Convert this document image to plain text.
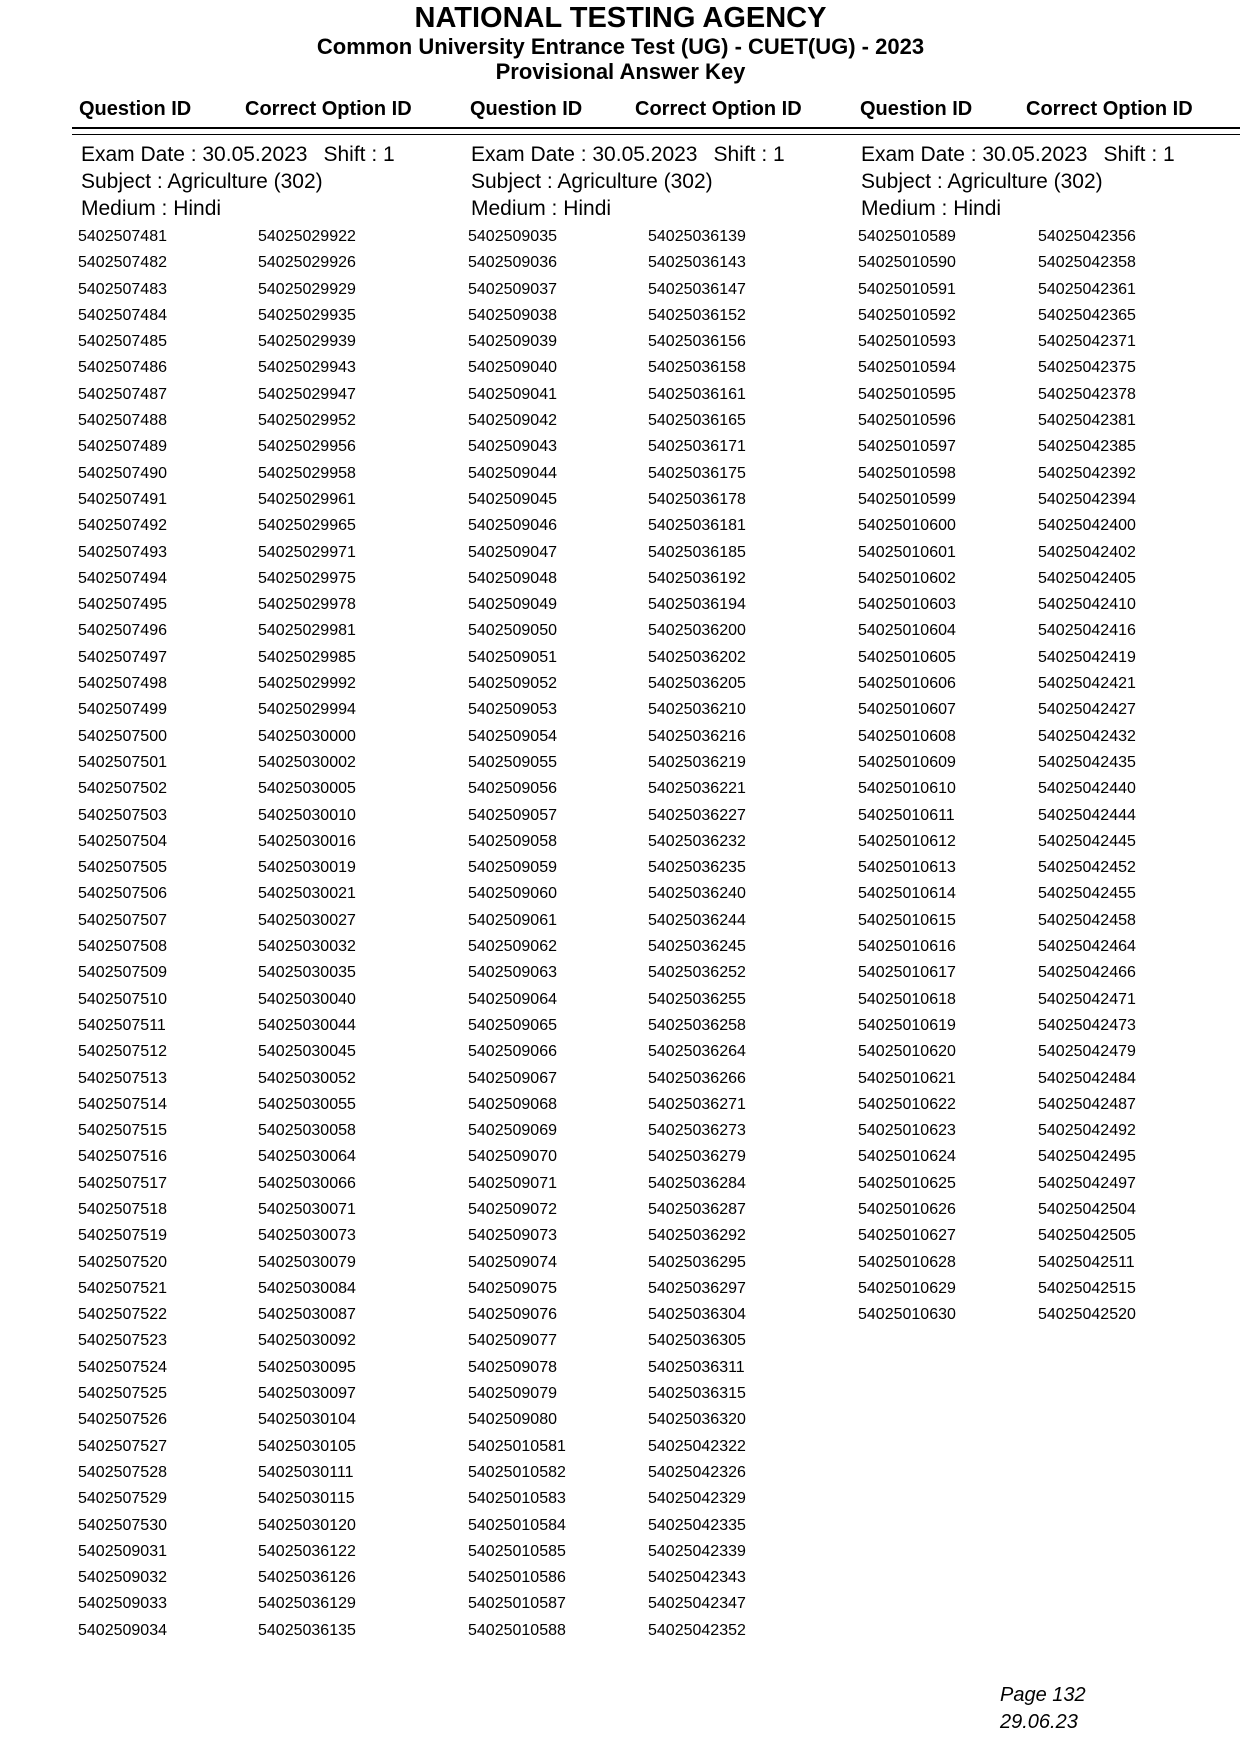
NATIONAL TESTING AGENCY
Common University Entrance Test (UG) - CUET(UG) - 2023
Provisional Answer Key
Question ID	Correct Option ID	Question ID	Correct Option ID	Question ID	Correct Option ID
Exam Date : 30.05.2023 Shift : 1
Subject : Agriculture (302)
Medium : Hindi
5402507481	54025029922
5402507482	54025029926
5402507483	54025029929
5402507484	54025029935
5402507485	54025029939
5402507486	54025029943
5402507487	54025029947
5402507488	54025029952
5402507489	54025029956
5402507490	54025029958
5402507491	54025029961
5402507492	54025029965
5402507493	54025029971
5402507494	54025029975
5402507495	54025029978
5402507496	54025029981
5402507497	54025029985
5402507498	54025029992
5402507499	54025029994
5402507500	54025030000
5402507501	54025030002
5402507502	54025030005
5402507503	54025030010
5402507504	54025030016
5402507505	54025030019
5402507506	54025030021
5402507507	54025030027
5402507508	54025030032
5402507509	54025030035
5402507510	54025030040
5402507511	54025030044
5402507512	54025030045
5402507513	54025030052
5402507514	54025030055
5402507515	54025030058
5402507516	54025030064
5402507517	54025030066
5402507518	54025030071
5402507519	54025030073
5402507520	54025030079
5402507521	54025030084
5402507522	54025030087
5402507523	54025030092
5402507524	54025030095
5402507525	54025030097
5402507526	54025030104
5402507527	54025030105
5402507528	54025030111
5402507529	54025030115
5402507530	54025030120
5402509031	54025036122
5402509032	54025036126
5402509033	54025036129
5402509034	54025036135
Exam Date : 30.05.2023 Shift : 1
Subject : Agriculture (302)
Medium : Hindi
5402509035	54025036139
5402509036	54025036143
5402509037	54025036147
5402509038	54025036152
5402509039	54025036156
5402509040	54025036158
5402509041	54025036161
5402509042	54025036165
5402509043	54025036171
5402509044	54025036175
5402509045	54025036178
5402509046	54025036181
5402509047	54025036185
5402509048	54025036192
5402509049	54025036194
5402509050	54025036200
5402509051	54025036202
5402509052	54025036205
5402509053	54025036210
5402509054	54025036216
5402509055	54025036219
5402509056	54025036221
5402509057	54025036227
5402509058	54025036232
5402509059	54025036235
5402509060	54025036240
5402509061	54025036244
5402509062	54025036245
5402509063	54025036252
5402509064	54025036255
5402509065	54025036258
5402509066	54025036264
5402509067	54025036266
5402509068	54025036271
5402509069	54025036273
5402509070	54025036279
5402509071	54025036284
5402509072	54025036287
5402509073	54025036292
5402509074	54025036295
5402509075	54025036297
5402509076	54025036304
5402509077	54025036305
5402509078	54025036311
5402509079	54025036315
5402509080	54025036320
54025010581	54025042322
54025010582	54025042326
54025010583	54025042329
54025010584	54025042335
54025010585	54025042339
54025010586	54025042343
54025010587	54025042347
54025010588	54025042352
Exam Date : 30.05.2023 Shift : 1
Subject : Agriculture (302)
Medium : Hindi
54025010589	54025042356
54025010590	54025042358
54025010591	54025042361
54025010592	54025042365
54025010593	54025042371
54025010594	54025042375
54025010595	54025042378
54025010596	54025042381
54025010597	54025042385
54025010598	54025042392
54025010599	54025042394
54025010600	54025042400
54025010601	54025042402
54025010602	54025042405
54025010603	54025042410
54025010604	54025042416
54025010605	54025042419
54025010606	54025042421
54025010607	54025042427
54025010608	54025042432
54025010609	54025042435
54025010610	54025042440
54025010611	54025042444
54025010612	54025042445
54025010613	54025042452
54025010614	54025042455
54025010615	54025042458
54025010616	54025042464
54025010617	54025042466
54025010618	54025042471
54025010619	54025042473
54025010620	54025042479
54025010621	54025042484
54025010622	54025042487
54025010623	54025042492
54025010624	54025042495
54025010625	54025042497
54025010626	54025042504
54025010627	54025042505
54025010628	54025042511
54025010629	54025042515
54025010630	54025042520
Page 132
29.06.23
